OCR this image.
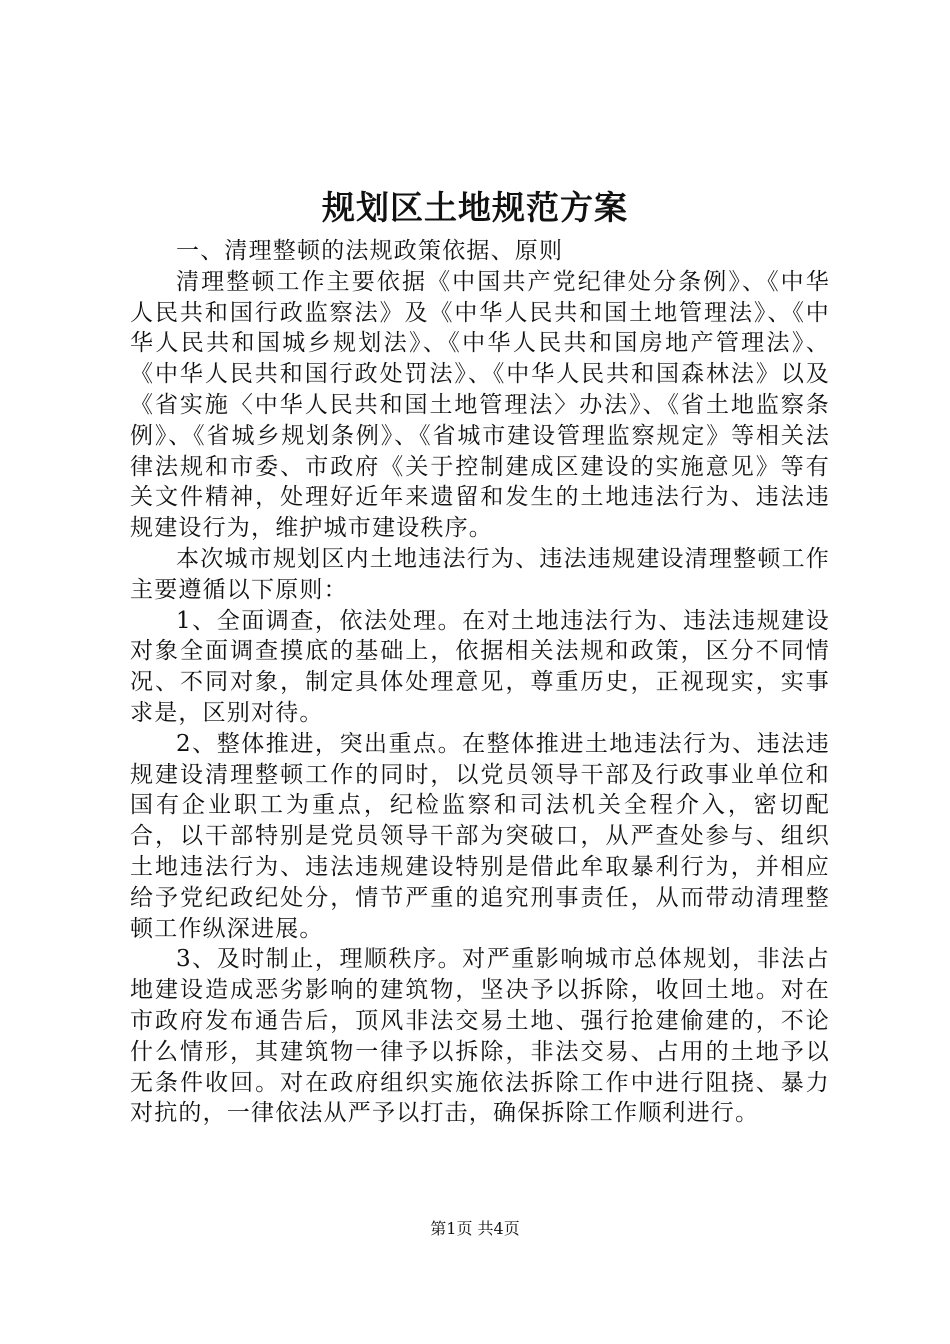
规划区土地规范方案

一、清理整顿的法规政策依据、原则

清理整顿工作主要依据《中国共产党纪律处分条例》、《中华人民共和国行政监察法》及《中华人民共和国土地管理法》、《中华人民共和国城乡规划法》、《中华人民共和国房地产管理法》、《中华人民共和国行政处罚法》、《中华人民共和国森林法》以及《省实施〈中华人民共和国土地管理法〉办法》、《省土地监察条例》、《省城乡规划条例》、《省城市建设管理监察规定》等相关法律法规和市委、市政府《关于控制建成区建设的实施意见》等有关文件精神，处理好近年来遗留和发生的土地违法行为、违法违规建设行为，维护城市建设秩序。

本次城市规划区内土地违法行为、违法违规建设清理整顿工作主要遵循以下原则：

1、全面调查，依法处理。在对土地违法行为、违法违规建设对象全面调查摸底的基础上，依据相关法规和政策，区分不同情况、不同对象，制定具体处理意见，尊重历史，正视现实，实事求是，区别对待。

2、整体推进，突出重点。在整体推进土地违法行为、违法违规建设清理整顿工作的同时，以党员领导干部及行政事业单位和国有企业职工为重点，纪检监察和司法机关全程介入，密切配合，以干部特别是党员领导干部为突破口，从严查处参与、组织土地违法行为、违法违规建设特别是借此牟取暴利行为，并相应给予党纪政纪处分，情节严重的追究刑事责任，从而带动清理整顿工作纵深进展。

3、及时制止，理顺秩序。对严重影响城市总体规划，非法占地建设造成恶劣影响的建筑物，坚决予以拆除，收回土地。对在市政府发布通告后，顶风非法交易土地、强行抢建偷建的，不论什么情形，其建筑物一律予以拆除，非法交易、占用的土地予以无条件收回。对在政府组织实施依法拆除工作中进行阻挠、暴力对抗的，一律依法从严予以打击，确保拆除工作顺利进行。

第1页 共4页
